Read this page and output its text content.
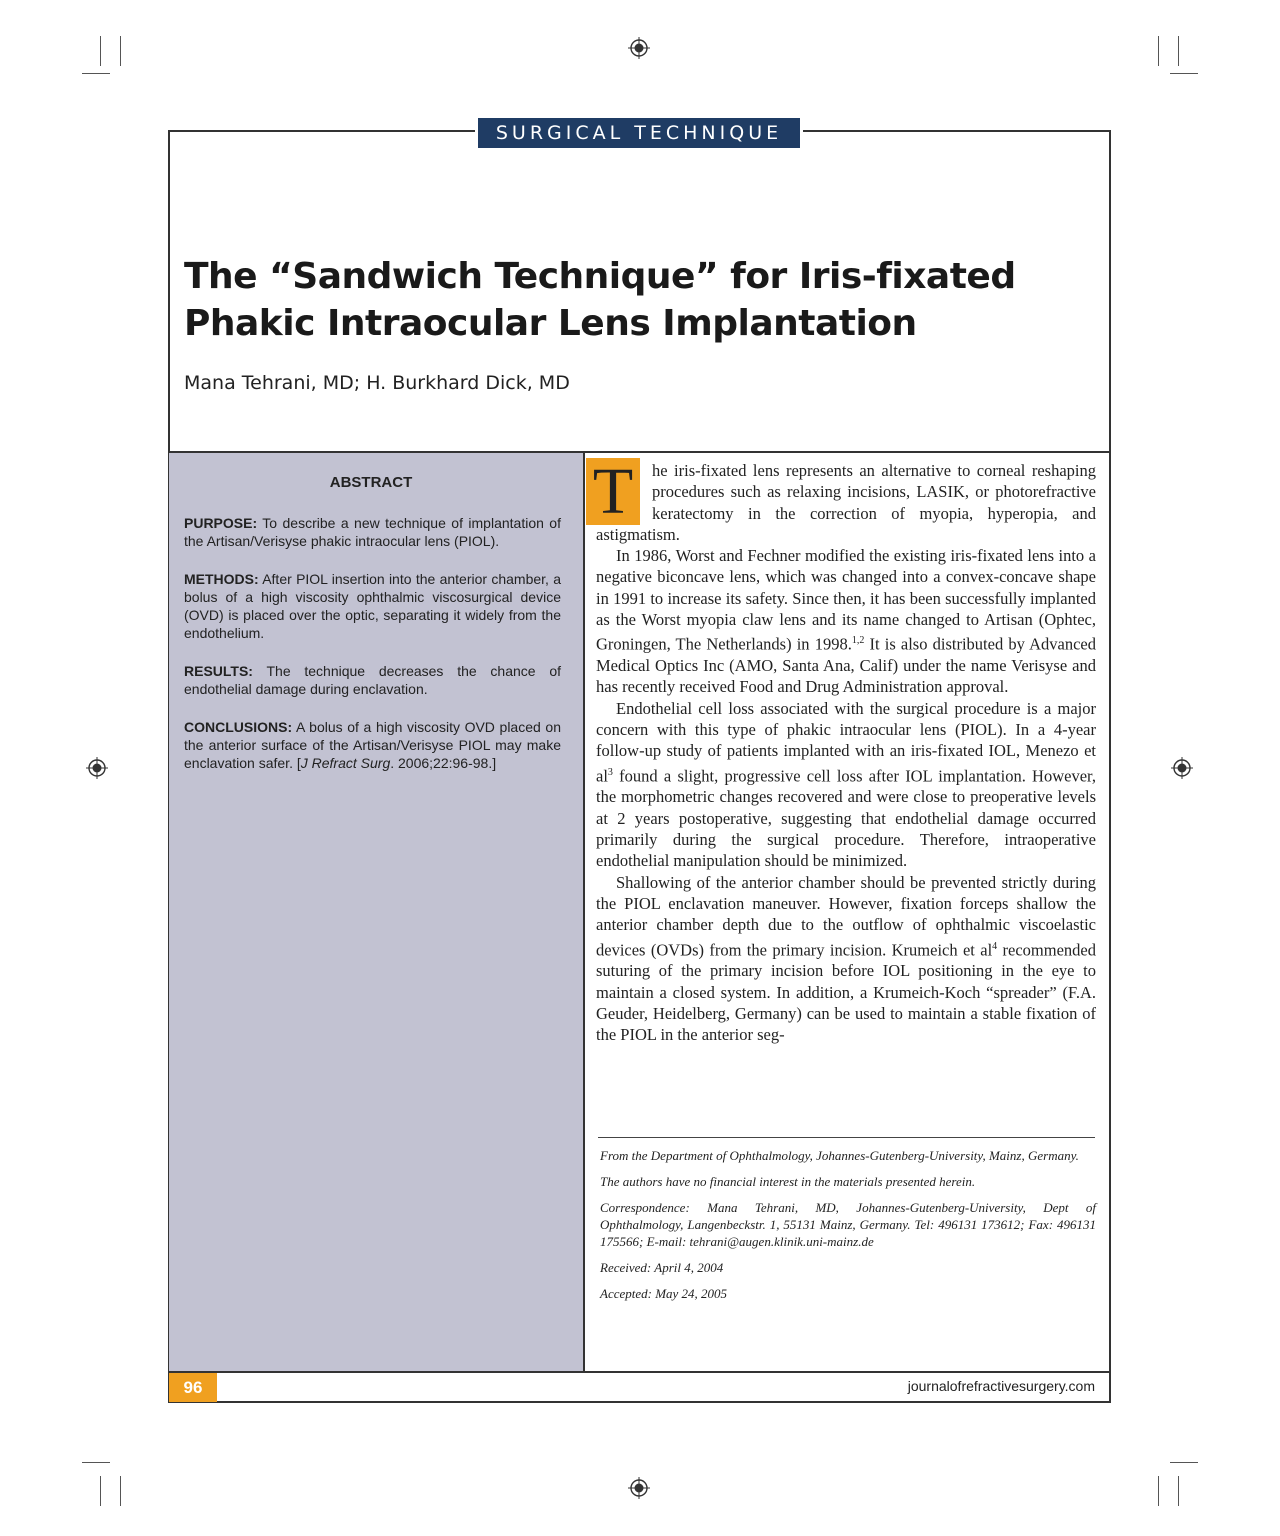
SURGICAL TECHNIQUE
The “Sandwich Technique” for Iris-fixated
Phakic Intraocular Lens Implantation
Mana Tehrani, MD; H. Burkhard Dick, MD
ABSTRACT

PURPOSE: To describe a new technique of implantation of the Artisan/Verisyse phakic intraocular lens (PIOL).

METHODS: After PIOL insertion into the anterior chamber, a bolus of a high viscosity ophthalmic viscosurgical device (OVD) is placed over the optic, separating it widely from the endothelium.

RESULTS: The technique decreases the chance of endothelial damage during enclavation.

CONCLUSIONS: A bolus of a high viscosity OVD placed on the anterior surface of the Artisan/Verisyse PIOL may make enclavation safer. [J Refract Surg. 2006;22:96-98.]

T	he iris-fixated lens represents an alternative to corneal reshaping procedures such as relaxing incisions, LASIK, or photorefractive keratectomy in the correction of myopia, hyperopia, and astigmatism.

In 1986, Worst and Fechner modified the existing iris-fixated lens into a negative biconcave lens, which was changed into a convex-concave shape in 1991 to increase its safety. Since then, it has been successfully implanted as the Worst myopia claw lens and its name changed to Artisan (Ophtec, Groningen, The Netherlands) in 1998.$^{1,2}$ It is also distributed by Advanced Medical Optics Inc (AMO, Santa Ana, Calif) under the name Verisyse and has recently received Food and Drug Administration approval.

Endothelial cell loss associated with the surgical procedure is a major concern with this type of phakic intraocular lens (PIOL). In a 4-year follow-up study of patients implanted with an iris-fixated IOL, Menezo et $al^3$ found a slight, progressive cell loss after IOL implantation. However, the morphometric changes recovered and were close to preoperative levels at 2 years postoperative, suggesting that endothelial damage occurred primarily during the surgical procedure. Therefore, intraoperative endothelial manipulation should be minimized.

Shallowing of the anterior chamber should be prevented strictly during the PIOL enclavation maneuver. However, fixation forceps shallow the anterior chamber depth due to the outflow of ophthalmic viscoelastic devices (OVDs) from the primary incision. Krumeich et $al^4$ recommended suturing of the primary incision before IOL positioning in the eye to maintain a closed system. In addition, a Krumeich-Koch “spreader” (F.A. Geuder, Heidelberg, Germany) can be used to maintain a stable fixation of the PIOL in the anterior seg-

From the Department of Ophthalmology, Johannes-Gutenberg-University, Mainz, Germany.

The authors have no financial interest in the materials presented herein.

Correspondence: Mana Tehrani, MD, Johannes-Gutenberg-University, Dept of Ophthalmology, Langenbeckstr. 1, 55131 Mainz, Germany. Tel: 496131 173612; Fax: 496131 175566; E-mail: tehrani@augen.klinik.uni-mainz.de

Received: April 4, 2004

Accepted: May 24, 2005

96	journalofrefractivesurgery.com
